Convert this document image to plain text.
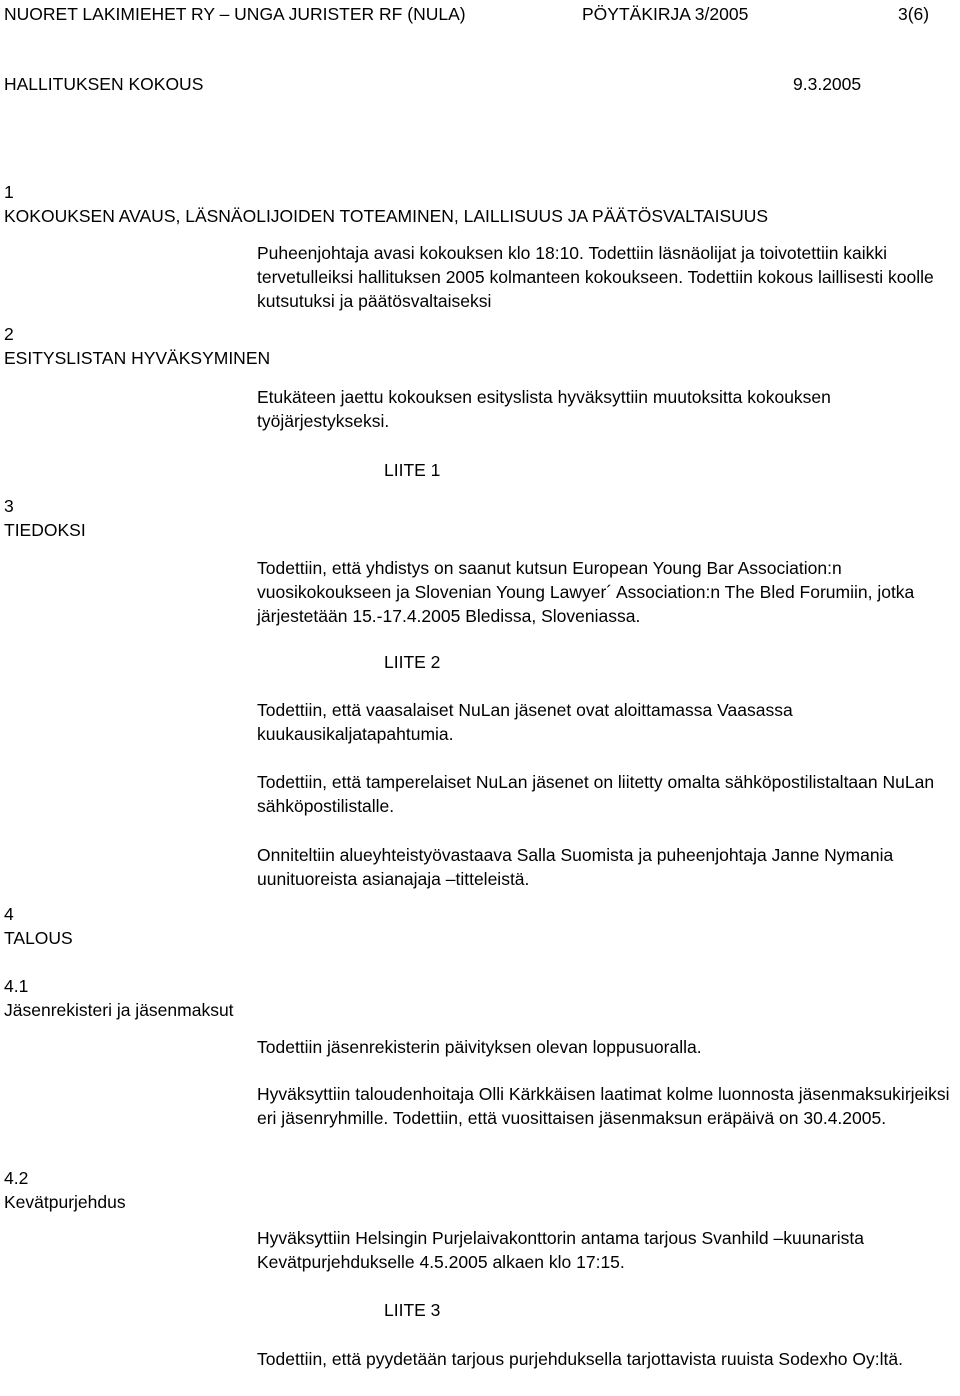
NUORET LAKIMIEHET RY – UNGA JURISTER RF (NULA)	PÖYTÄKIRJA 3/2005	3(6)
HALLITUKSEN KOKOUS	9.3.2005
1
KOKOUKSEN AVAUS, LÄSNÄOLIJOIDEN TOTEAMINEN, LAILLISUUS JA PÄÄTÖSVALTAISUUS
Puheenjohtaja avasi kokouksen klo 18:10. Todettiin läsnäolijat ja toivotettiin kaikki tervetulleiksi hallituksen 2005 kolmanteen kokoukseen. Todettiin kokous laillisesti koolle kutsutuksi ja päätösvaltaiseksi
2
ESITYSLISTAN HYVÄKSYMINEN
Etukäteen jaettu kokouksen esityslista hyväksyttiin muutoksitta kokouksen työjärjestykseksi.
LIITE 1
3
TIEDOKSI
Todettiin, että yhdistys on saanut kutsun European Young Bar Association:n vuosikokoukseen ja Slovenian Young Lawyer´ Association:n The Bled Forumiin, jotka järjestetään 15.-17.4.2005 Bledissa, Sloveniassa.
LIITE 2
Todettiin, että vaasalaiset NuLan jäsenet ovat aloittamassa Vaasassa kuukausikaljatapahtumia.
Todettiin, että tamperelaiset NuLan jäsenet on liitetty omalta sähköpostilistaltaan NuLan sähköpostilistalle.
Onniteltiin alueyhteistyövastaava Salla Suomista ja puheenjohtaja Janne Nymania uunituoreista asianajaja –titteleistä.
4
TALOUS
4.1
Jäsenrekisteri ja jäsenmaksut
Todettiin jäsenrekisterin päivityksen olevan loppusuoralla.
Hyväksyttiin taloudenhoitaja Olli Kärkkäisen laatimat kolme luonnosta jäsenmaksukirjeiksi eri jäsenryhmille. Todettiin, että vuosittaisen jäsenmaksun eräpäivä on 30.4.2005.
4.2
Kevätpurjehdus
Hyväksyttiin Helsingin Purjelaivakonttorin antama tarjous Svanhild –kuunarista Kevätpurjehdukselle 4.5.2005 alkaen klo 17:15.
LIITE 3
Todettiin, että pyydetään tarjous purjehduksella tarjottavista ruuista Sodexho Oy:ltä.
